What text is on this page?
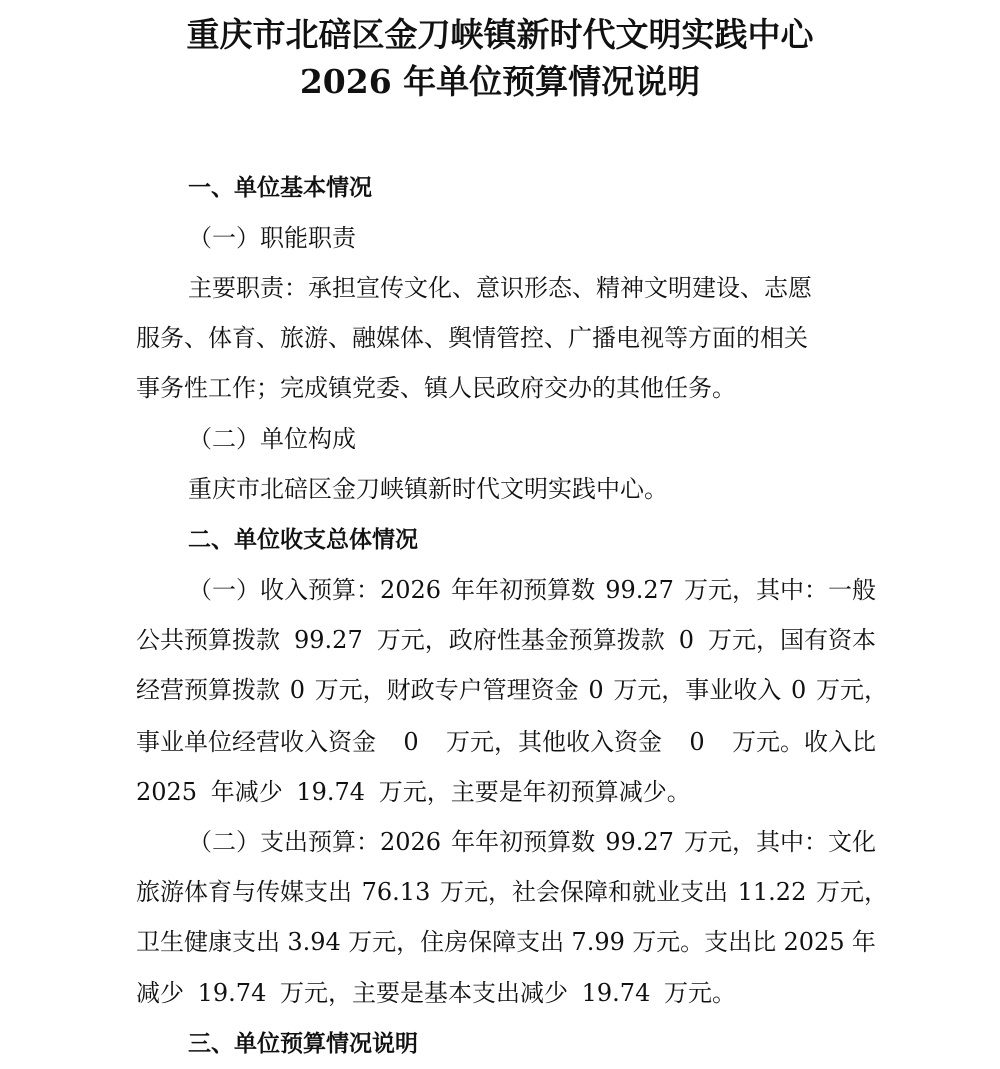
重庆市北碚区金刀峡镇新时代文明实践中心
2026 年单位预算情况说明
一、单位基本情况
（一）职能职责
主要职责：承担宣传文化、意识形态、精神文明建设、志愿
服务、体育、旅游、融媒体、舆情管控、广播电视等方面的相关
事务性工作；完成镇党委、镇人民政府交办的其他任务。
（二）单位构成
重庆市北碚区金刀峡镇新时代文明实践中心。
二、单位收支总体情况
（一）收入预算：2026 年年初预算数 99.27 万元，其中：一般
公共预算拨款 99.27 万元，政府性基金预算拨款 0 万元，国有资本
经营预算拨款 0 万元，财政专户管理资金 0 万元，事业收入 0 万元，
事业单位经营收入资金 0 万元，其他收入资金 0 万元。收入比
2025 年减少 19.74 万元，主要是年初预算减少。
（二）支出预算：2026 年年初预算数 99.27 万元，其中：文化
旅游体育与传媒支出 76.13 万元，社会保障和就业支出 11.22 万元，
卫生健康支出 3.94 万元，住房保障支出 7.99 万元。支出比 2025 年
减少 19.74 万元，主要是基本支出减少 19.74 万元。
三、单位预算情况说明
